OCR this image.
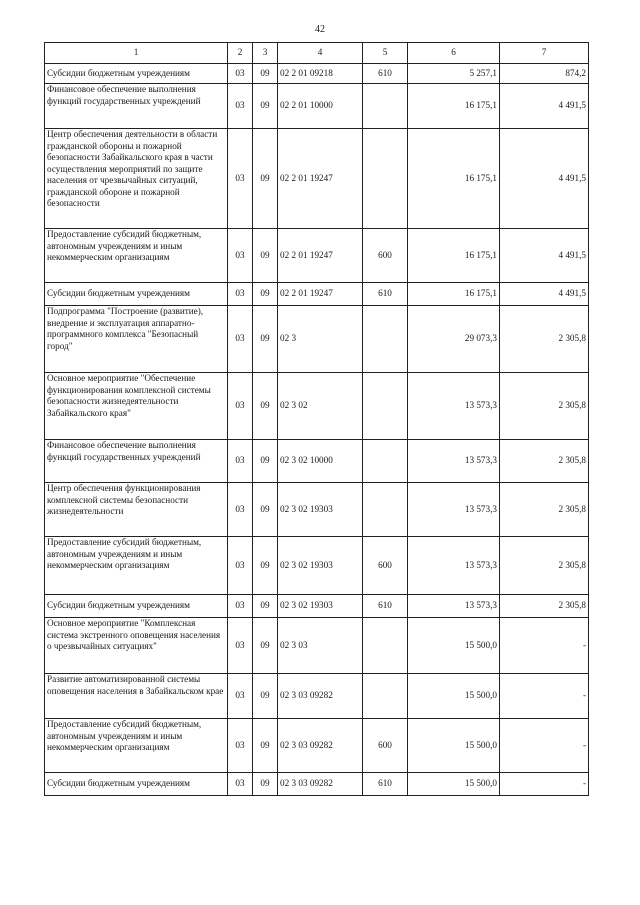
42
1	2	3	4	5	6	7
Субсидии бюджетным учреждениям	03	09	02 2 01 09218	610	5 257,1	874,2
Финансовое обеспечение выполнения функций государственных учреждений	03	09	02 2 01 10000		16 175,1	4 491,5
Центр обеспечения деятельности в области гражданской обороны и пожарной безопасности Забайкальского края в части осуществления мероприятий по защите населения от чрезвычайных ситуаций, гражданской обороне и пожарной безопасности	03	09	02 2 01 19247		16 175,1	4 491,5
Предоставление субсидий бюджетным, автономным учреждениям и иным некоммерческим организациям	03	09	02 2 01 19247	600	16 175,1	4 491,5
Субсидии бюджетным учреждениям	03	09	02 2 01 19247	610	16 175,1	4 491,5
Подпрограмма "Построение (развитие), внедрение и эксплуатация аппаратно-программного комплекса "Безопасный город"	03	09	02 3		29 073,3	2 305,8
Основное мероприятие "Обеспечение функционирования комплексной системы безопасности жизнедеятельности Забайкальского края"	03	09	02 3 02		13 573,3	2 305,8
Финансовое обеспечение выполнения функций государственных учреждений	03	09	02 3 02 10000		13 573,3	2 305,8
Центр обеспечения функционирования комплексной системы безопасности жизнедеятельности	03	09	02 3 02 19303		13 573,3	2 305,8
Предоставление субсидий бюджетным, автономным учреждениям и иным некоммерческим организациям	03	09	02 3 02 19303	600	13 573,3	2 305,8
Субсидии бюджетным учреждениям	03	09	02 3 02 19303	610	13 573,3	2 305,8
Основное мероприятие "Комплексная система экстренного оповещения населения о чрезвычайных ситуациях"	03	09	02 3 03		15 500,0	-
Развитие автоматизированной системы оповещения населения в Забайкальском крае	03	09	02 3 03 09282		15 500,0	-
Предоставление субсидий бюджетным, автономным учреждениям и иным некоммерческим организациям	03	09	02 3 03 09282	600	15 500,0	-
Субсидии бюджетным учреждениям	03	09	02 3 03 09282	610	15 500,0	-
